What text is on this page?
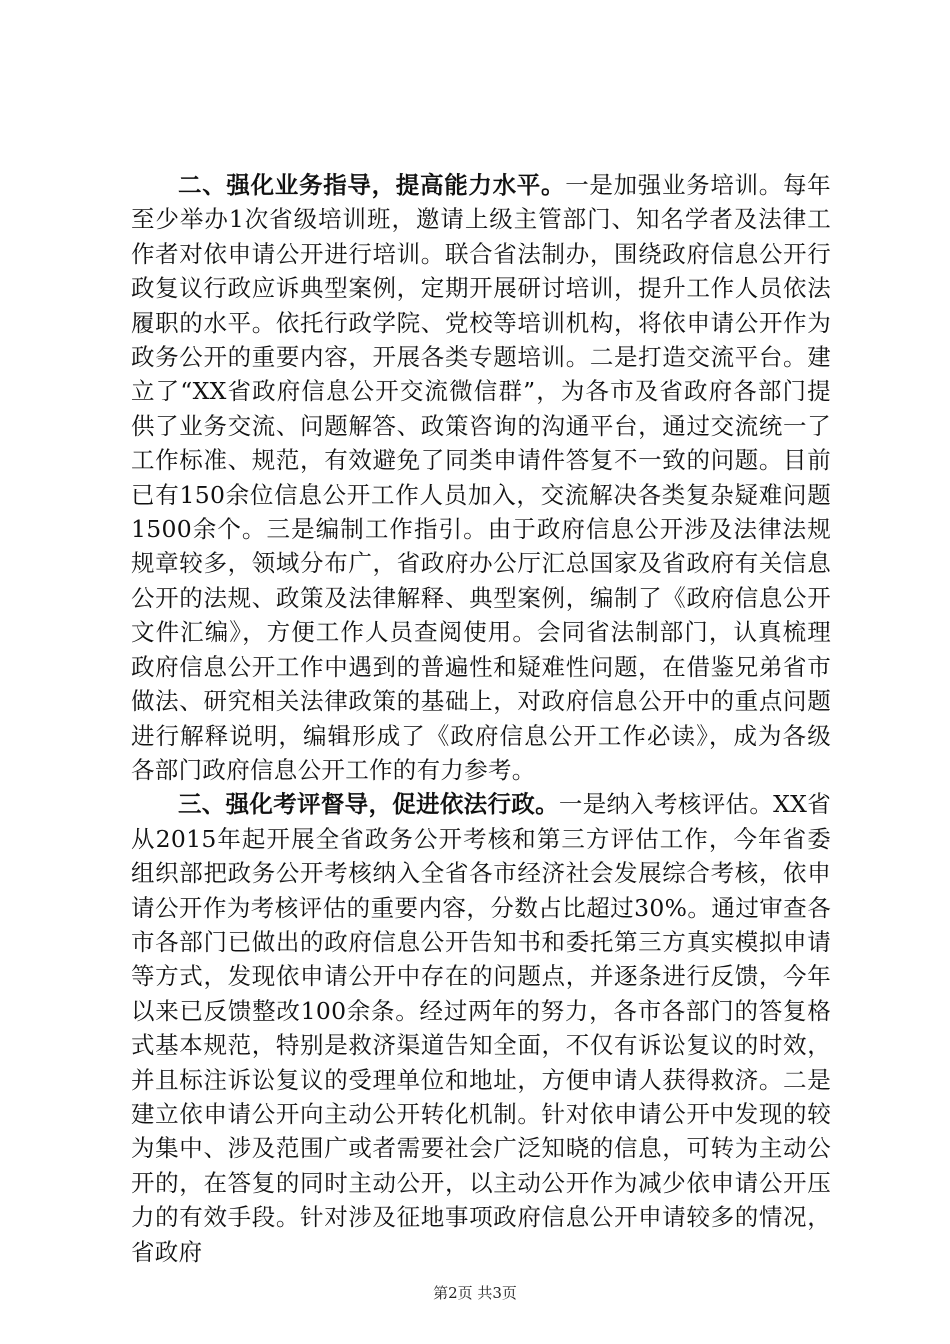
二、强化业务指导，提高能力水平。一是加强业务培训。每年至少举办1次省级培训班，邀请上级主管部门、知名学者及法律工作者对依申请公开进行培训。联合省法制办，围绕政府信息公开行政复议行政应诉典型案例，定期开展研讨培训，提升工作人员依法履职的水平。依托行政学院、党校等培训机构，将依申请公开作为政务公开的重要内容，开展各类专题培训。二是打造交流平台。建立了“XX省政府信息公开交流微信群”，为各市及省政府各部门提供了业务交流、问题解答、政策咨询的沟通平台，通过交流统一了工作标准、规范，有效避免了同类申请件答复不一致的问题。目前已有150余位信息公开工作人员加入，交流解决各类复杂疑难问题1500余个。三是编制工作指引。由于政府信息公开涉及法律法规规章较多，领域分布广，省政府办公厅汇总国家及省政府有关信息公开的法规、政策及法律解释、典型案例，编制了《政府信息公开文件汇编》，方便工作人员查阅使用。会同省法制部门，认真梳理政府信息公开工作中遇到的普遍性和疑难性问题，在借鉴兄弟省市做法、研究相关法律政策的基础上，对政府信息公开中的重点问题进行解释说明，编辑形成了《政府信息公开工作必读》，成为各级各部门政府信息公开工作的有力参考。

三、强化考评督导，促进依法行政。一是纳入考核评估。XX省从2015年起开展全省政务公开考核和第三方评估工作，今年省委组织部把政务公开考核纳入全省各市经济社会发展综合考核，依申请公开作为考核评估的重要内容，分数占比超过30%。通过审查各市各部门已做出的政府信息公开告知书和委托第三方真实模拟申请等方式，发现依申请公开中存在的问题点，并逐条进行反馈，今年以来已反馈整改100余条。经过两年的努力，各市各部门的答复格式基本规范，特别是救济渠道告知全面，不仅有诉讼复议的时效，并且标注诉讼复议的受理单位和地址，方便申请人获得救济。二是建立依申请公开向主动公开转化机制。针对依申请公开中发现的较为集中、涉及范围广或者需要社会广泛知晓的信息，可转为主动公开的，在答复的同时主动公开，以主动公开作为减少依申请公开压力的有效手段。针对涉及征地事项政府信息公开申请较多的情况，省政府

第2页 共3页
